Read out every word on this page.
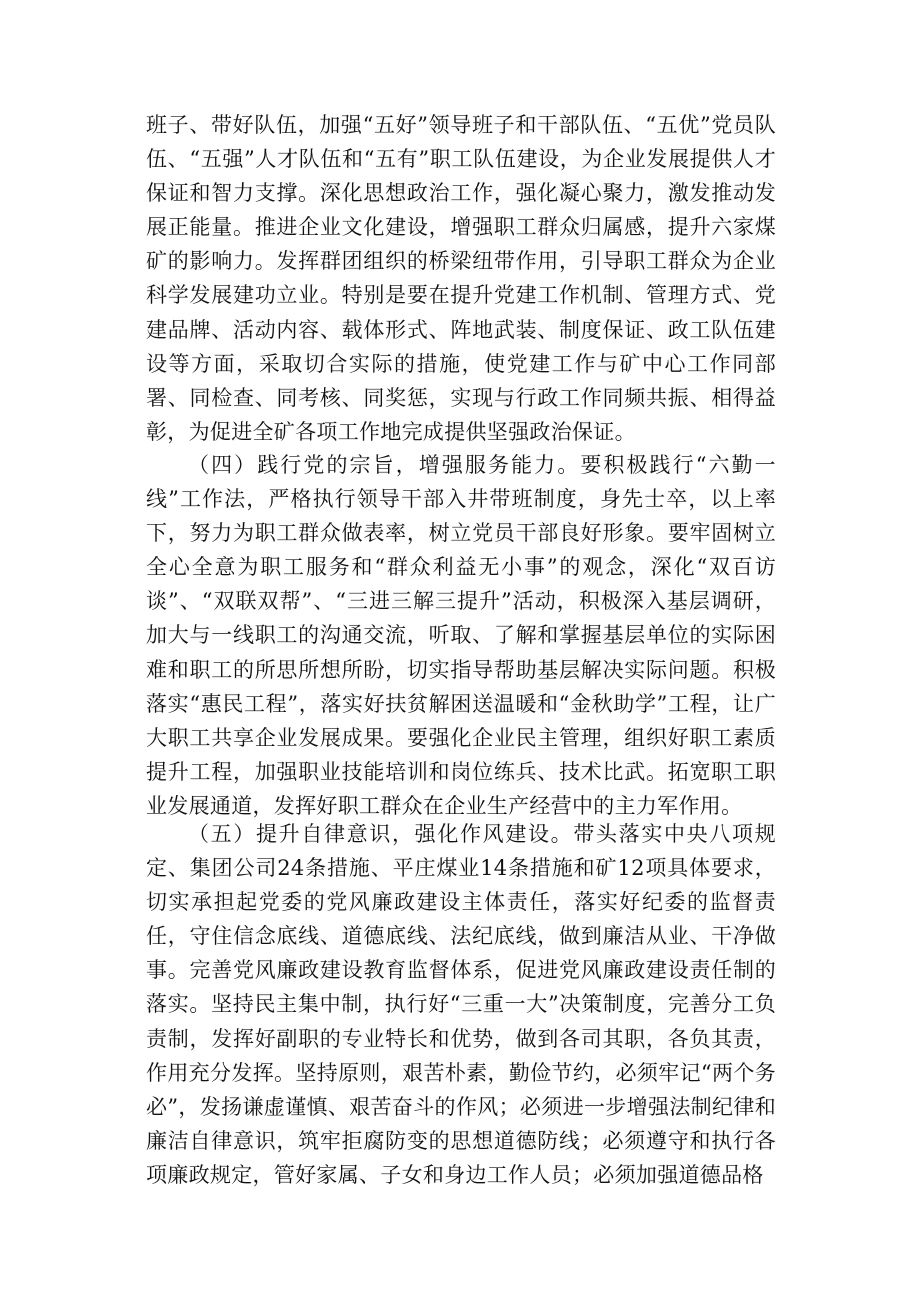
班子、带好队伍，加强“五好”领导班子和干部队伍、“五优”党员队伍、“五强”人才队伍和“五有”职工队伍建设，为企业发展提供人才保证和智力支撑。深化思想政治工作，强化凝心聚力，激发推动发展正能量。推进企业文化建设，增强职工群众归属感，提升六家煤矿的影响力。发挥群团组织的桥梁纽带作用，引导职工群众为企业科学发展建功立业。特别是要在提升党建工作机制、管理方式、党建品牌、活动内容、载体形式、阵地武装、制度保证、政工队伍建设等方面，采取切合实际的措施，使党建工作与矿中心工作同部署、同检查、同考核、同奖惩，实现与行政工作同频共振、相得益彰，为促进全矿各项工作地完成提供坚强政治保证。

（四）践行党的宗旨，增强服务能力。要积极践行“六勤一线”工作法，严格执行领导干部入井带班制度，身先士卒，以上率下，努力为职工群众做表率，树立党员干部良好形象。要牢固树立全心全意为职工服务和“群众利益无小事”的观念，深化“双百访谈”、“双联双帮”、“三进三解三提升”活动，积极深入基层调研，加大与一线职工的沟通交流，听取、了解和掌握基层单位的实际困难和职工的所思所想所盼，切实指导帮助基层解决实际问题。积极落实“惠民工程”，落实好扶贫解困送温暖和“金秋助学”工程，让广大职工共享企业发展成果。要强化企业民主管理，组织好职工素质提升工程，加强职业技能培训和岗位练兵、技术比武。拓宽职工职业发展通道，发挥好职工群众在企业生产经营中的主力军作用。

（五）提升自律意识，强化作风建设。带头落实中央八项规定、集团公司24条措施、平庄煤业14条措施和矿12项具体要求，切实承担起党委的党风廉政建设主体责任，落实好纪委的监督责任，守住信念底线、道德底线、法纪底线，做到廉洁从业、干净做事。完善党风廉政建设教育监督体系，促进党风廉政建设责任制的落实。坚持民主集中制，执行好“三重一大”决策制度，完善分工负责制，发挥好副职的专业特长和优势，做到各司其职，各负其责，作用充分发挥。坚持原则，艰苦朴素，勤俭节约，必须牢记“两个务必”，发扬谦虚谨慎、艰苦奋斗的作风；必须进一步增强法制纪律和廉洁自律意识，筑牢拒腐防变的思想道德防线；必须遵守和执行各项廉政规定，管好家属、子女和身边工作人员；必须加强道德品格
